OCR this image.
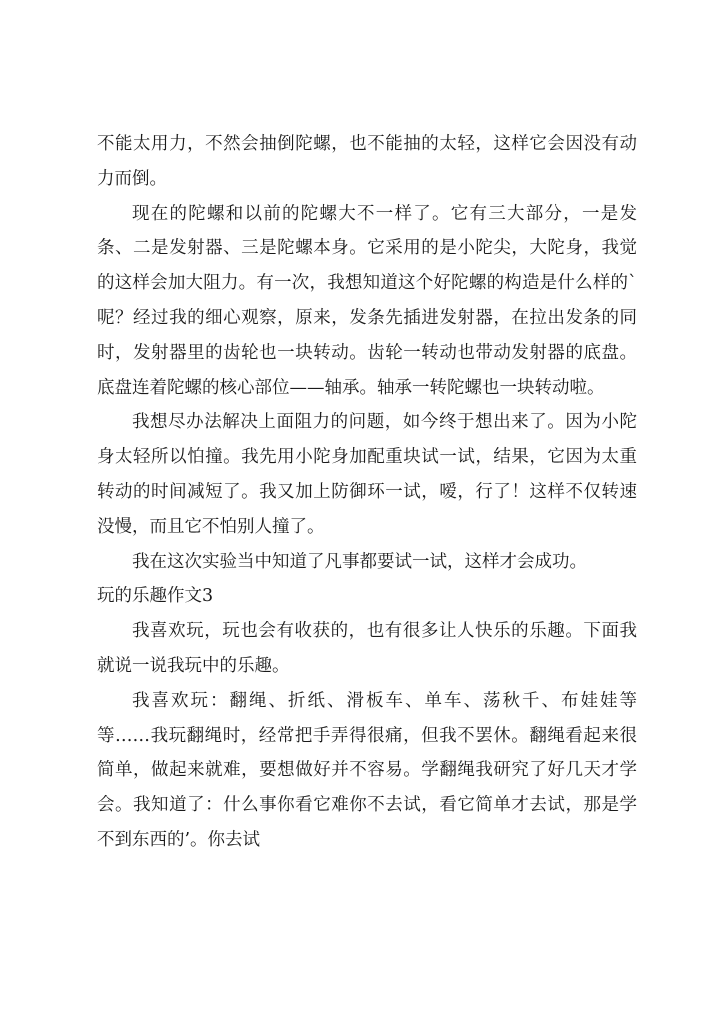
不能太用力，不然会抽倒陀螺，也不能抽的太轻，这样它会因没有动力而倒。

现在的陀螺和以前的陀螺大不一样了。它有三大部分，一是发条、二是发射器、三是陀螺本身。它采用的是小陀尖，大陀身，我觉的这样会加大阻力。有一次，我想知道这个好陀螺的构造是什么样的`呢？经过我的细心观察，原来，发条先插进发射器，在拉出发条的同时，发射器里的齿轮也一块转动。齿轮一转动也带动发射器的底盘。底盘连着陀螺的核心部位——轴承。轴承一转陀螺也一块转动啦。

我想尽办法解决上面阻力的问题，如今终于想出来了。因为小陀身太轻所以怕撞。我先用小陀身加配重块试一试，结果，它因为太重转动的时间减短了。我又加上防御环一试，嗳，行了！这样不仅转速没慢，而且它不怕别人撞了。

我在这次实验当中知道了凡事都要试一试，这样才会成功。

玩的乐趣作文3

我喜欢玩，玩也会有收获的，也有很多让人快乐的乐趣。下面我就说一说我玩中的乐趣。

我喜欢玩：翻绳、折纸、滑板车、单车、荡秋千、布娃娃等等……我玩翻绳时，经常把手弄得很痛，但我不罢休。翻绳看起来很简单，做起来就难，要想做好并不容易。学翻绳我研究了好几天才学会。我知道了：什么事你看它难你不去试，看它简单才去试，那是学不到东西的’。你去试
